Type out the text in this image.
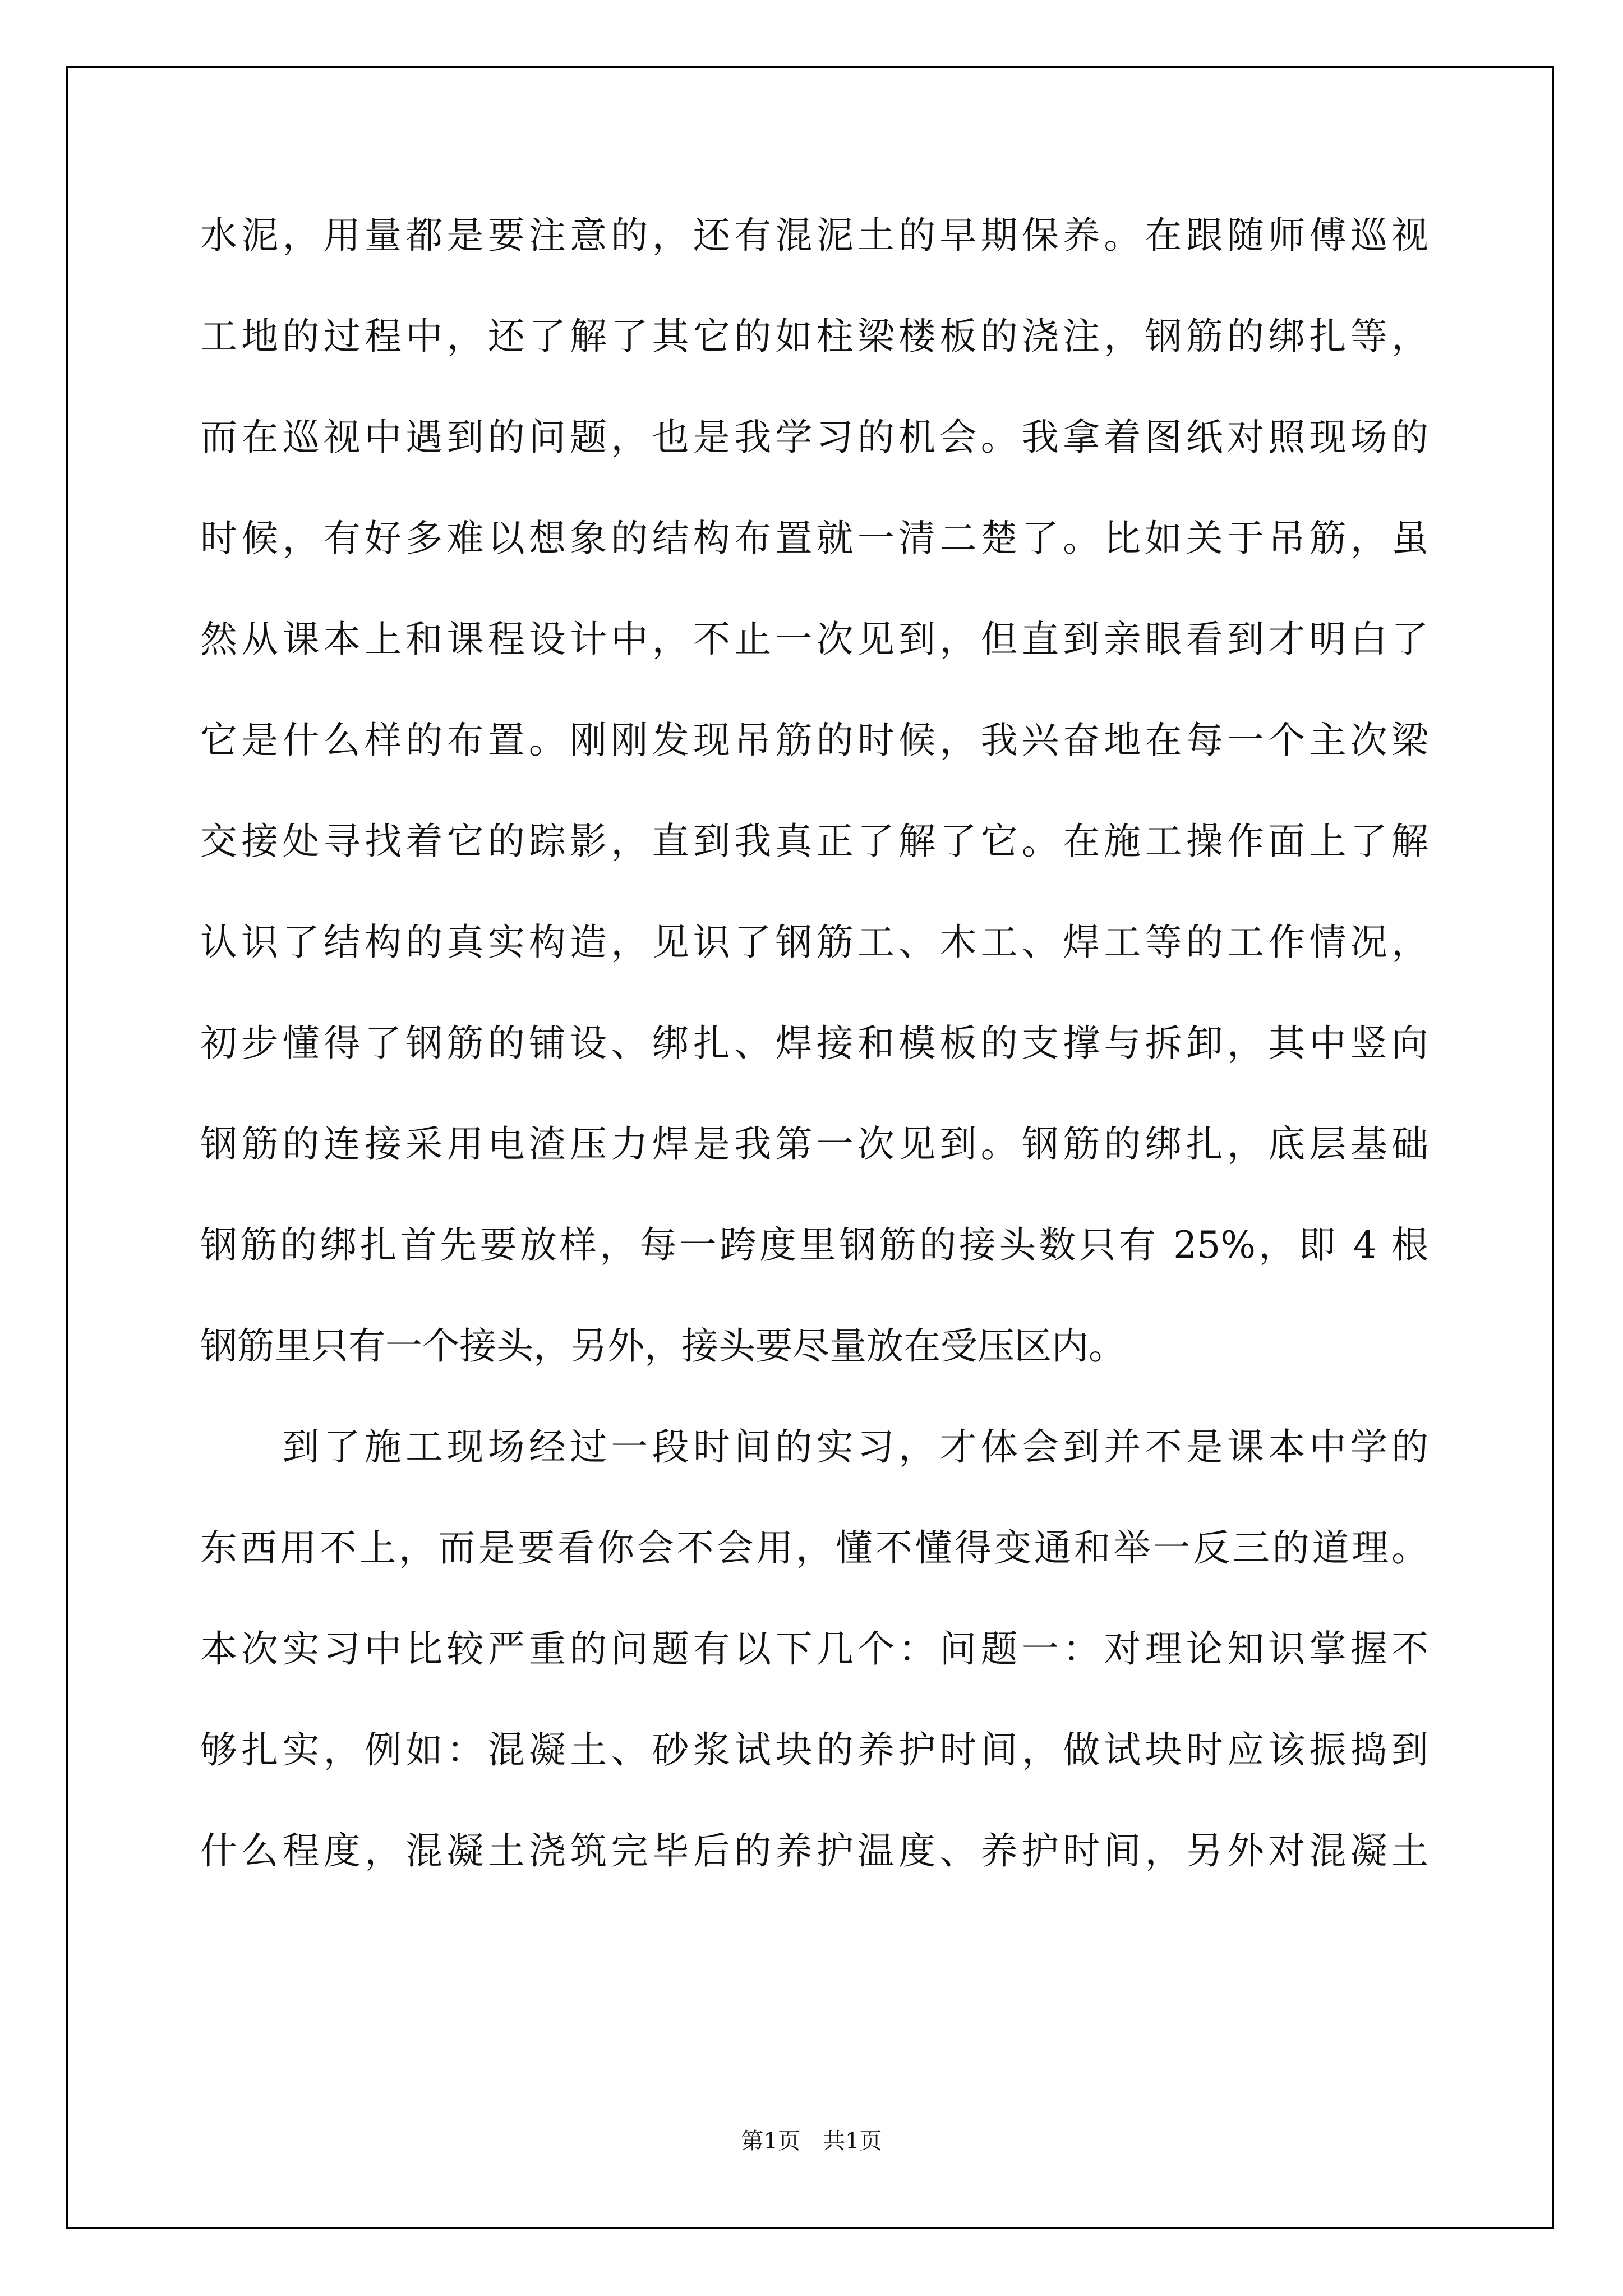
水泥，用量都是要注意的，还有混泥土的早期保养。在跟随师傅巡视
工地的过程中，还了解了其它的如柱梁楼板的浇注，钢筋的绑扎等，
而在巡视中遇到的问题，也是我学习的机会。我拿着图纸对照现场的
时候，有好多难以想象的结构布置就一清二楚了。比如关于吊筋，虽
然从课本上和课程设计中，不止一次见到，但直到亲眼看到才明白了
它是什么样的布置。刚刚发现吊筋的时候，我兴奋地在每一个主次梁
交接处寻找着它的踪影，直到我真正了解了它。在施工操作面上了解
认识了结构的真实构造，见识了钢筋工、木工、焊工等的工作情况，
初步懂得了钢筋的铺设、绑扎、焊接和模板的支撑与拆卸，其中竖向
钢筋的连接采用电渣压力焊是我第一次见到。钢筋的绑扎，底层基础
钢筋的绑扎首先要放样，每一跨度里钢筋的接头数只有 25%，即 4 根
钢筋里只有一个接头，另外，接头要尽量放在受压区内。
　　到了施工现场经过一段时间的实习，才体会到并不是课本中学的
东西用不上，而是要看你会不会用，懂不懂得变通和举一反三的道理。
本次实习中比较严重的问题有以下几个：问题一：对理论知识掌握不
够扎实，例如：混凝土、砂浆试块的养护时间，做试块时应该振捣到
什么程度，混凝土浇筑完毕后的养护温度、养护时间，另外对混凝土
第1页　共1页
